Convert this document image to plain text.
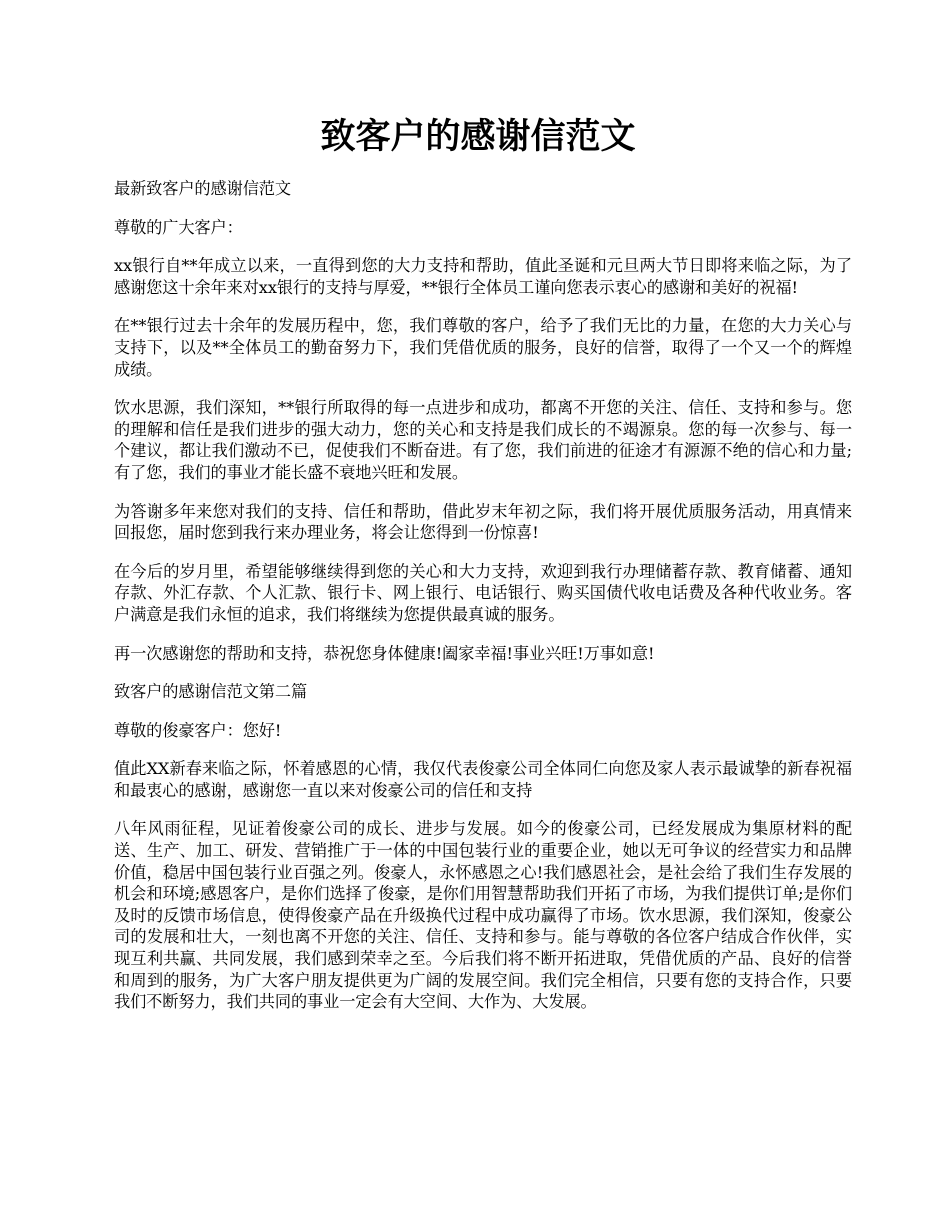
致客户的感谢信范文

最新致客户的感谢信范文

尊敬的广大客户：

xx银行自**年成立以来，一直得到您的大力支持和帮助，值此圣诞和元旦两大节日即将来临之际，为了感谢您这十余年来对xx银行的支持与厚爱，**银行全体员工谨向您表示衷心的感谢和美好的祝福!

在**银行过去十余年的发展历程中，您，我们尊敬的客户，给予了我们无比的力量，在您的大力关心与支持下，以及**全体员工的勤奋努力下，我们凭借优质的服务，良好的信誉，取得了一个又一个的辉煌成绩。

饮水思源，我们深知，**银行所取得的每一点进步和成功，都离不开您的关注、信任、支持和参与。您的理解和信任是我们进步的强大动力，您的关心和支持是我们成长的不竭源泉。您的每一次参与、每一个建议，都让我们激动不已，促使我们不断奋进。有了您，我们前进的征途才有源源不绝的信心和力量;有了您，我们的事业才能长盛不衰地兴旺和发展。

为答谢多年来您对我们的支持、信任和帮助，借此岁末年初之际，我们将开展优质服务活动，用真情来回报您，届时您到我行来办理业务，将会让您得到一份惊喜!

在今后的岁月里，希望能够继续得到您的关心和大力支持，欢迎到我行办理储蓄存款、教育储蓄、通知存款、外汇存款、个人汇款、银行卡、网上银行、电话银行、购买国债代收电话费及各种代收业务。客户满意是我们永恒的追求，我们将继续为您提供最真诚的服务。

再一次感谢您的帮助和支持，恭祝您身体健康!阖家幸福!事业兴旺!万事如意!

致客户的感谢信范文第二篇

尊敬的俊豪客户：您好!

值此XX新春来临之际，怀着感恩的心情，我仅代表俊豪公司全体同仁向您及家人表示最诚挚的新春祝福和最衷心的感谢，感谢您一直以来对俊豪公司的信任和支持

八年风雨征程，见证着俊豪公司的成长、进步与发展。如今的俊豪公司，已经发展成为集原材料的配送、生产、加工、研发、营销推广于一体的中国包装行业的重要企业，她以无可争议的经营实力和品牌价值，稳居中国包装行业百强之列。俊豪人，永怀感恩之心!我们感恩社会，是社会给了我们生存发展的机会和环境;感恩客户，是你们选择了俊豪，是你们用智慧帮助我们开拓了市场，为我们提供订单;是你们及时的反馈市场信息，使得俊豪产品在升级换代过程中成功赢得了市场。饮水思源，我们深知，俊豪公司的发展和壮大，一刻也离不开您的关注、信任、支持和参与。能与尊敬的各位客户结成合作伙伴，实现互利共赢、共同发展，我们感到荣幸之至。今后我们将不断开拓进取，凭借优质的产品、良好的信誉和周到的服务，为广大客户朋友提供更为广阔的发展空间。我们完全相信，只要有您的支持合作，只要我们不断努力，我们共同的事业一定会有大空间、大作为、大发展。
